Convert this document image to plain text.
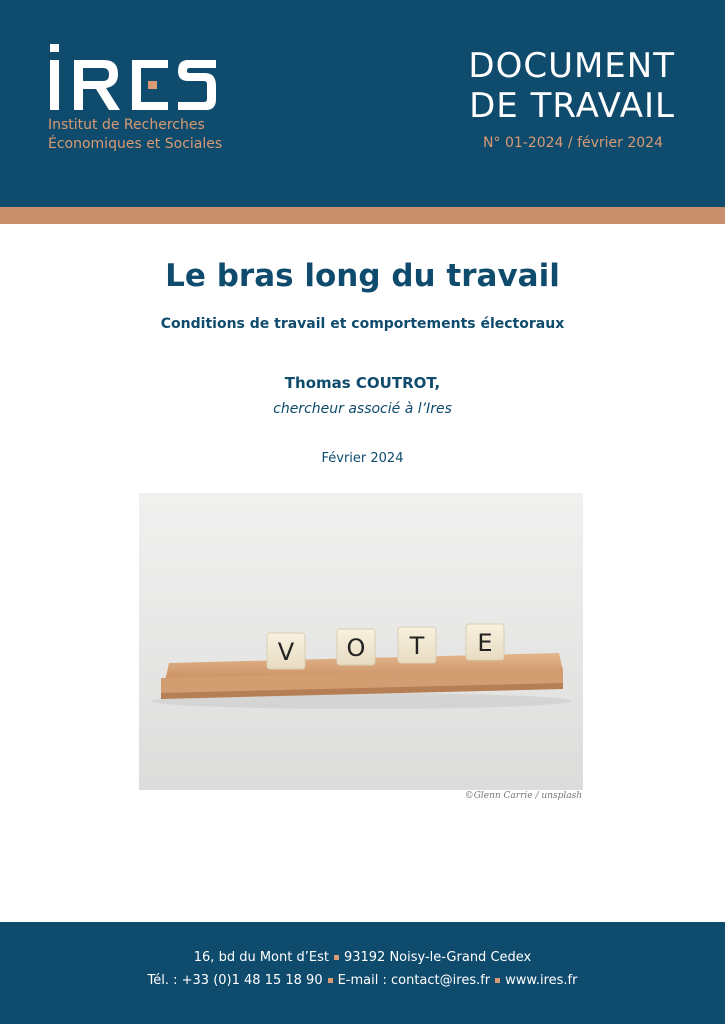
Institut de Recherches
Économiques et Sociales
DOCUMENT
DE TRAVAIL
N° 01-2024 / février 2024
Le bras long du travail
Conditions de travail et comportements électoraux
Thomas COUTROT,
chercheur associé à l’Ires
Février 2024
V O T E
©Glenn Carrie / unsplash
16, bd du Mont d’Est 93192 Noisy-le-Grand Cedex
Tél. : +33 (0)1 48 15 18 90 E-mail : contact@ires.fr www.ires.fr
